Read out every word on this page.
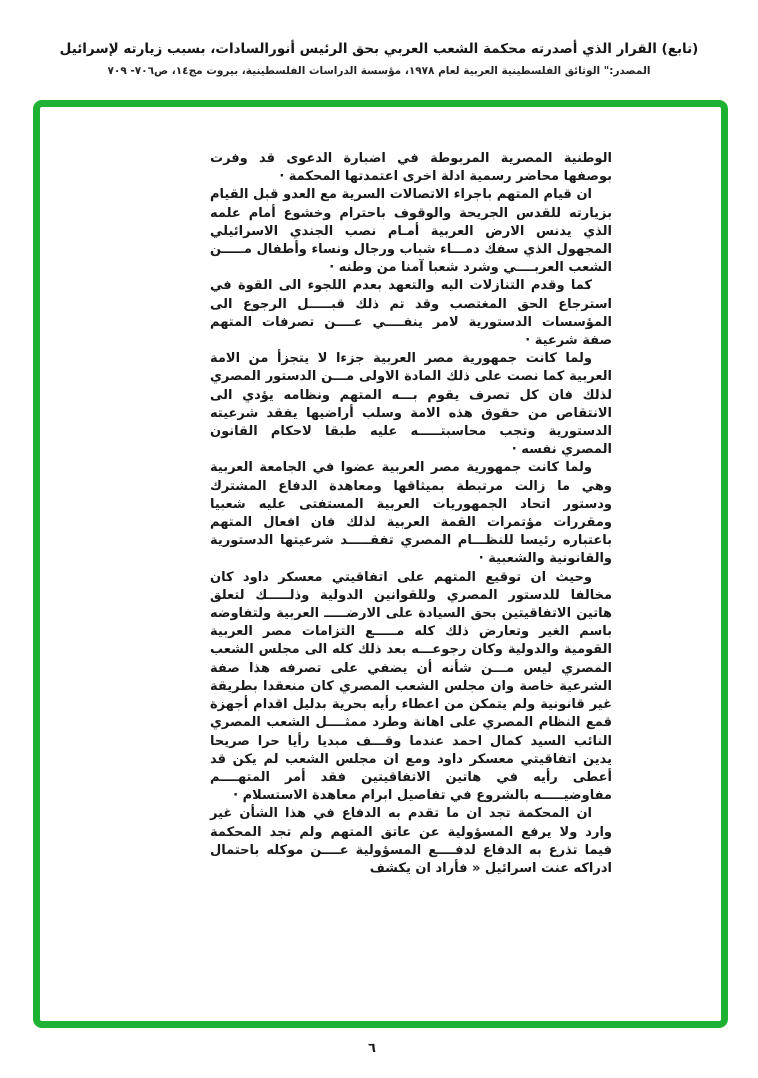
(تابع) القرار الذي أصدرته محكمة الشعب العربي بحق الرئيس أنورالسادات، بسبب زيارته لإسرائيل
المصدر:" الوثائق الفلسطينية العربية لعام ١٩٧٨، مؤسسة الدراسات الفلسطينية، بيروت مج١٤، ص٧٠٦- ٧٠٩

الوطنية المصرية المربوطة في اضبارة الدعوى قد وفرت بوصفها محاضر رسمية ادلة اخرى اعتمدتها المحكمة ·

ان قيام المتهم باجراء الاتصالات السرية مع العدو قبل القيام بزيارته للقدس الجريحة والوقوف باحترام وخشوع أمام علمه الذي يدنس الارض العربية أمـام نصب الجندي الاسرائيلي المجهول الذي سفك دمـــاء شباب ورجال ونساء وأطفال مـــــن الشعب العربــــي وشرد شعبا آمنا من وطنه ·

كما وقدم التنازلات اليه والتعهد بعدم اللجوء الى القوة في استرجاع الحق المغتصب وقد تم ذلك قبـــــل الرجوع الى المؤسسات الدستورية لامر ينفــــي عــــن تصرفات المتهم صفة شرعية ·

ولما كانت جمهورية مصر العربية جزءا لا يتجزأ من الامة العربية كما نصت على ذلك المادة الاولى مـــن الدستور المصري لذلك فان كل تصرف يقوم بـــه المتهم ونظامه يؤدي الى الانتقاص من حقوق هذه الامة وسلب أراضيها يفقد شرعيته الدستورية وتجب محاسبتـــــه عليه طبقا لاحكام القانون المصري نفسه ·

ولما كانت جمهورية مصر العربية عضوا في الجامعة العربية وهي ما زالت مرتبطة بميثاقها ومعاهدة الدفاع المشترك ودستور اتحاد الجمهوريات العربية المستفتى عليه شعبيا ومقررات مؤتمرات القمة العربية لذلك فان افعال المتهم باعتباره رئيسا للنظـــام المصري تفقـــــد شرعيتها الدستورية والقانونية والشعبية ·

وحيث ان توقيع المتهم على اتفاقيتي معسكر داود كان مخالفا للدستور المصري وللقوانين الدولية وذلـــــك لتعلق هاتين الاتفاقيتين بحق السيادة على الارضـــــ العربية ولتفاوضه باسم الغير وتعارض ذلك كله مـــــع التزامات مصر العربية القومية والدولية وكان رجوعـــه بعد ذلك كله الى مجلس الشعب المصري ليس مـــن شأنه أن يضفي على تصرفه هذا صفة الشرعية خاصة وان مجلس الشعب المصري كان منعقدا بطريقة غير قانونية ولم يتمكن من اعطاء رأيه بحرية بدليل اقدام أجهزة قمع النظام المصري على اهانة وطرد ممثــــل الشعب المصري النائب السيد كمال احمد عندما وقـــف مبديا رأيا حرا صريحا يدين اتفاقيتي معسكر داود ومع ان مجلس الشعب لم يكن قد أعطى رأيه في هاتين الاتفاقيتين فقد أمر المتهــــم مفاوضيـــــه بالشروع في تفاصيل ابرام معاهدة الاستسلام ·

ان المحكمة تجد ان ما تقدم به الدفاع في هذا الشأن غير وارد ولا يرفع المسؤولية عن عاتق المتهم ولم تجد المحكمة فيما تذرع به الدفاع لدفــــع المسؤولية عــــن موكله باحتمال ادراكه عنت اسرائيل « فأراد ان يكشف

٦
